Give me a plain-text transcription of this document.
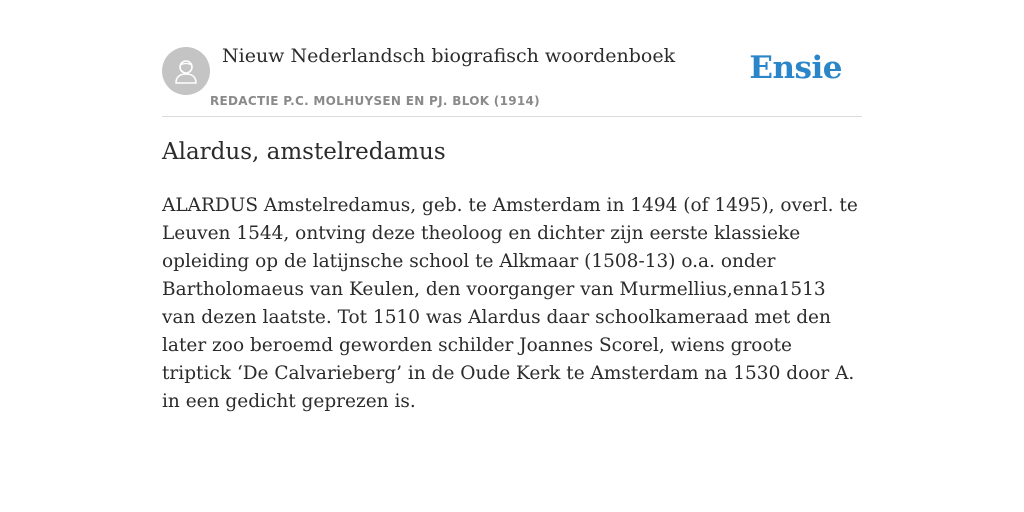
Nieuw Nederlandsch biografisch woordenboek
REDACTIE P.C. MOLHUYSEN EN PJ. BLOK (1914)
Ensie
Alardus, amstelredamus

ALARDUS Amstelredamus, geb. te Amsterdam in 1494 (of 1495), overl. te Leuven 1544, ontving deze theoloog en dichter zijn eerste klassieke opleiding op de latijnsche school te Alkmaar (1508-13) o.a. onder Bartholomaeus van Keulen, den voorganger van Murmellius,enna1513 van dezen laatste. Tot 1510 was Alardus daar schoolkameraad met den later zoo beroemd geworden schilder Joannes Scorel, wiens groote triptick ‘De Calvarieberg’ in de Oude Kerk te Amsterdam na 1530 door A. in een gedicht geprezen is.
